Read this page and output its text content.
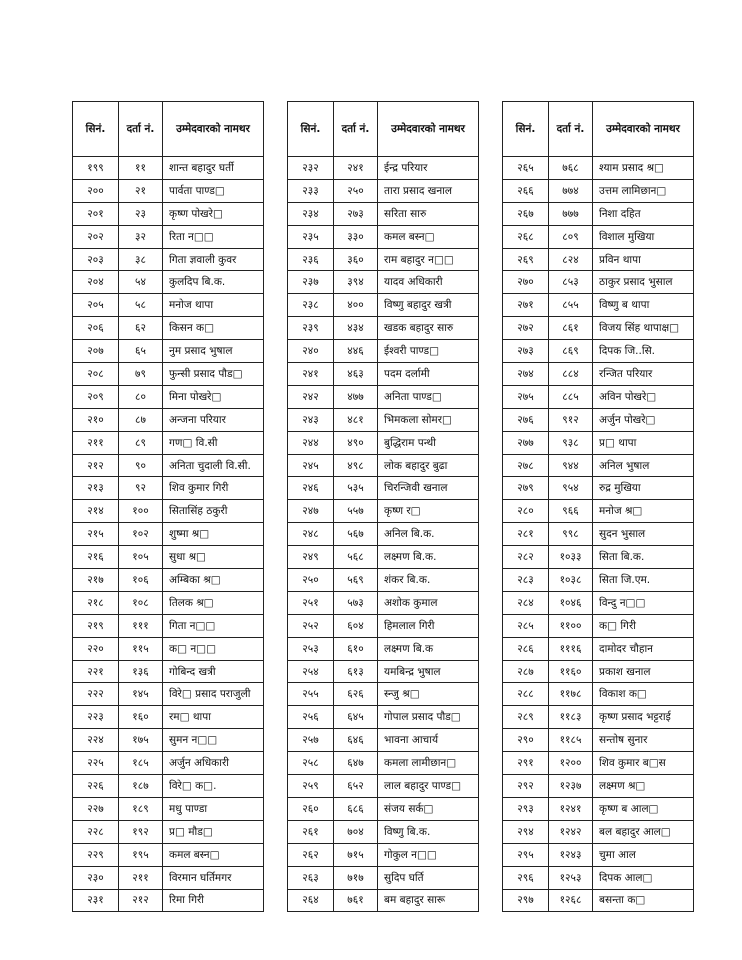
सिनं.	दर्ता नं.	उम्मेदवारको नामथर
१९९	११	शान्त बहादुर घर्ती
२००	२१	पार्वता पाण्ड□
२०१	२३	कृष्ण पोखरे□
२०२	३२	रिता न□□
२०३	३८	गिता ज्ञवाली कुवर
२०४	५४	कुलदिप बि.क.
२०५	५८	मनोज थापा
२०६	६२	किसन क□
२०७	६५	नुम प्रसाद भुषाल
२०८	७९	फुन्सी प्रसाद पौड□
२०९	८०	मिना पोखरे□
२१०	८७	अन्जना परियार
२११	८९	गण□ वि.सी
२१२	९०	अनिता चुदाली वि.सी.
२१३	९२	शिव कुमार गिरी
२१४	१००	सितासिंह ठकुरी
२१५	१०२	शुष्मा श्र□
२१६	१०५	सुधा श्र□
२१७	१०६	अम्बिका श्र□
२१८	१०८	तिलक श्र□
२१९	१११	गिता न□□
२२०	११५	क□ न□□
२२१	१३६	गोबिन्द खत्री
२२२	१४५	विरे□ प्रसाद पराजुली
२२३	१६०	रम□ थापा
२२४	१७५	सुमन न□□
२२५	१८५	अर्जुन अधिकारी
२२६	१८७	विरे□ क□.
२२७	१८९	मधु पाण्डा
२२८	१९२	प्र□ मौड□
२२९	१९५	कमल बस्न□
२३०	२११	विरमान घर्तिमगर
२३१	२१२	रिमा गिरी
सिनं.	दर्ता नं.	उम्मेदवारको नामथर
२३२	२४१	ईन्द्र परियार
२३३	२५०	तारा प्रसाद खनाल
२३४	२७३	सरिता सारु
२३५	३३०	कमल बस्न□
२३६	३६०	राम बहादुर न□□
२३७	३९४	यादव अधिकारी
२३८	४००	विष्णु बहादुर खत्री
२३९	४३४	खडक बहादुर सारु
२४०	४४६	ईश्वरी पाण्ड□
२४१	४६३	पदम दर्लामी
२४२	४७७	अनिता पाण्ड□
२४३	४८१	भिमकला सोमर□
२४४	४९०	बुद्धिराम पन्थी
२४५	४९८	लोक बहादुर बुढा
२४६	५३५	चिरन्जिवी खनाल
२४७	५५७	कृष्ण र□
२४८	५६७	अनिल बि.क.
२४९	५६८	लक्ष्मण बि.क.
२५०	५६९	शंकर बि.क.
२५१	५७३	अशोक कुमाल
२५२	६०४	हिमलाल गिरी
२५३	६१०	लक्ष्मण बि.क
२५४	६१३	यमबिन्द्र भुषाल
२५५	६२६	स्न्जु श्र□
२५६	६४५	गोपाल प्रसाद पौड□
२५७	६४६	भावना आचार्य
२५८	६४७	कमला लामीछान□
२५९	६५२	लाल बहादुर पाण्ड□
२६०	६८६	संजय सर्क□
२६१	७०४	विष्णु बि.क.
२६२	७१५	गोकुल न□□
२६३	७१७	सुदिप घर्ति
२६४	७६१	बम बहादुर सारू
सिनं.	दर्ता नं.	उम्मेदवारको नामथर
२६५	७६८	श्याम प्रसाद श्र□
२६६	७७४	उत्तम लामिछान□
२६७	७७७	निशा दहित
२६८	८०९	विशाल मुखिया
२६९	८२४	प्रविन थापा
२७०	८५३	ठाकुर प्रसाद भुसाल
२७१	८५५	विष्णु ब थापा
२७२	८६१	विजय सिंह थापाक्ष□
२७३	८६९	दिपक जि..सि.
२७४	८८४	रन्जित परियार
२७५	८८५	अविन पोखरे□
२७६	९१२	अर्जुन पोखरे□
२७७	९३८	प्र□ थापा
२७८	९४४	अनिल भुषाल
२७९	९५४	रुद्र मुखिया
२८०	९६६	मनोज श्र□
२८१	९९८	सुदन भुसाल
२८२	१०३३	सिता बि.क.
२८३	१०३८	सिता जि.एम.
२८४	१०४६	विन्दु न□□
२८५	११००	क□ गिरी
२८६	१११६	दामोदर चौहान
२८७	११६०	प्रकाश खनाल
२८८	११७८	विकाश क□
२८९	११८३	कृष्ण प्रसाद भट्टराई
२९०	११८५	सन्तोष सुनार
२९१	१२००	शिव कुमार ब□स
२९२	१२३७	लक्ष्मण श्र□
२९३	१२४१	कृष्ण ब आल□
२९४	१२४२	बल बहादुर आल□
२९५	१२४३	चुमा आल
२९६	१२५३	दिपक आल□
२९७	१२६८	बसन्ता क□
